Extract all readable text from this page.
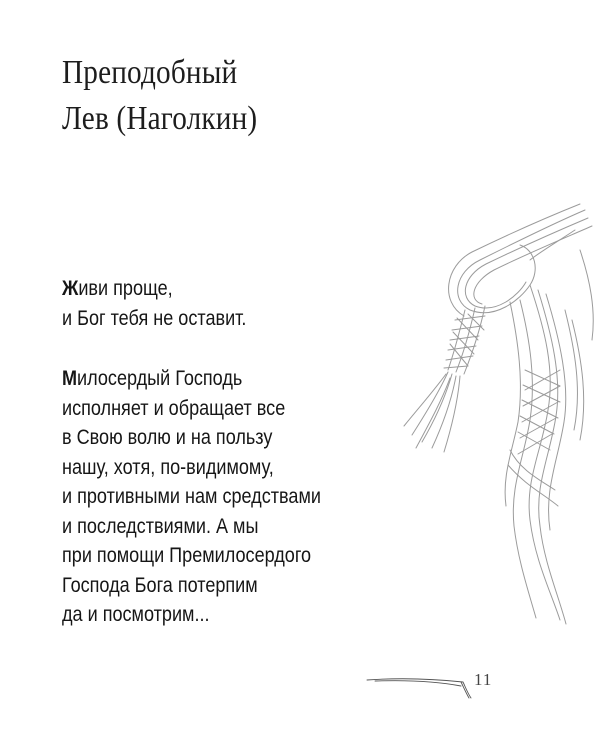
Преподобный
Лев (Наголкин)
Живи проще,
и Бог тебя не оставит.
Милосердый Господь
исполняет и обращает все
в Свою волю и на пользу
нашу, хотя, по-видимому,
и противными нам средствами
и последствиями. А мы
при помощи Премилосердого
Господа Бога потерпим
да и посмотрим...
11
